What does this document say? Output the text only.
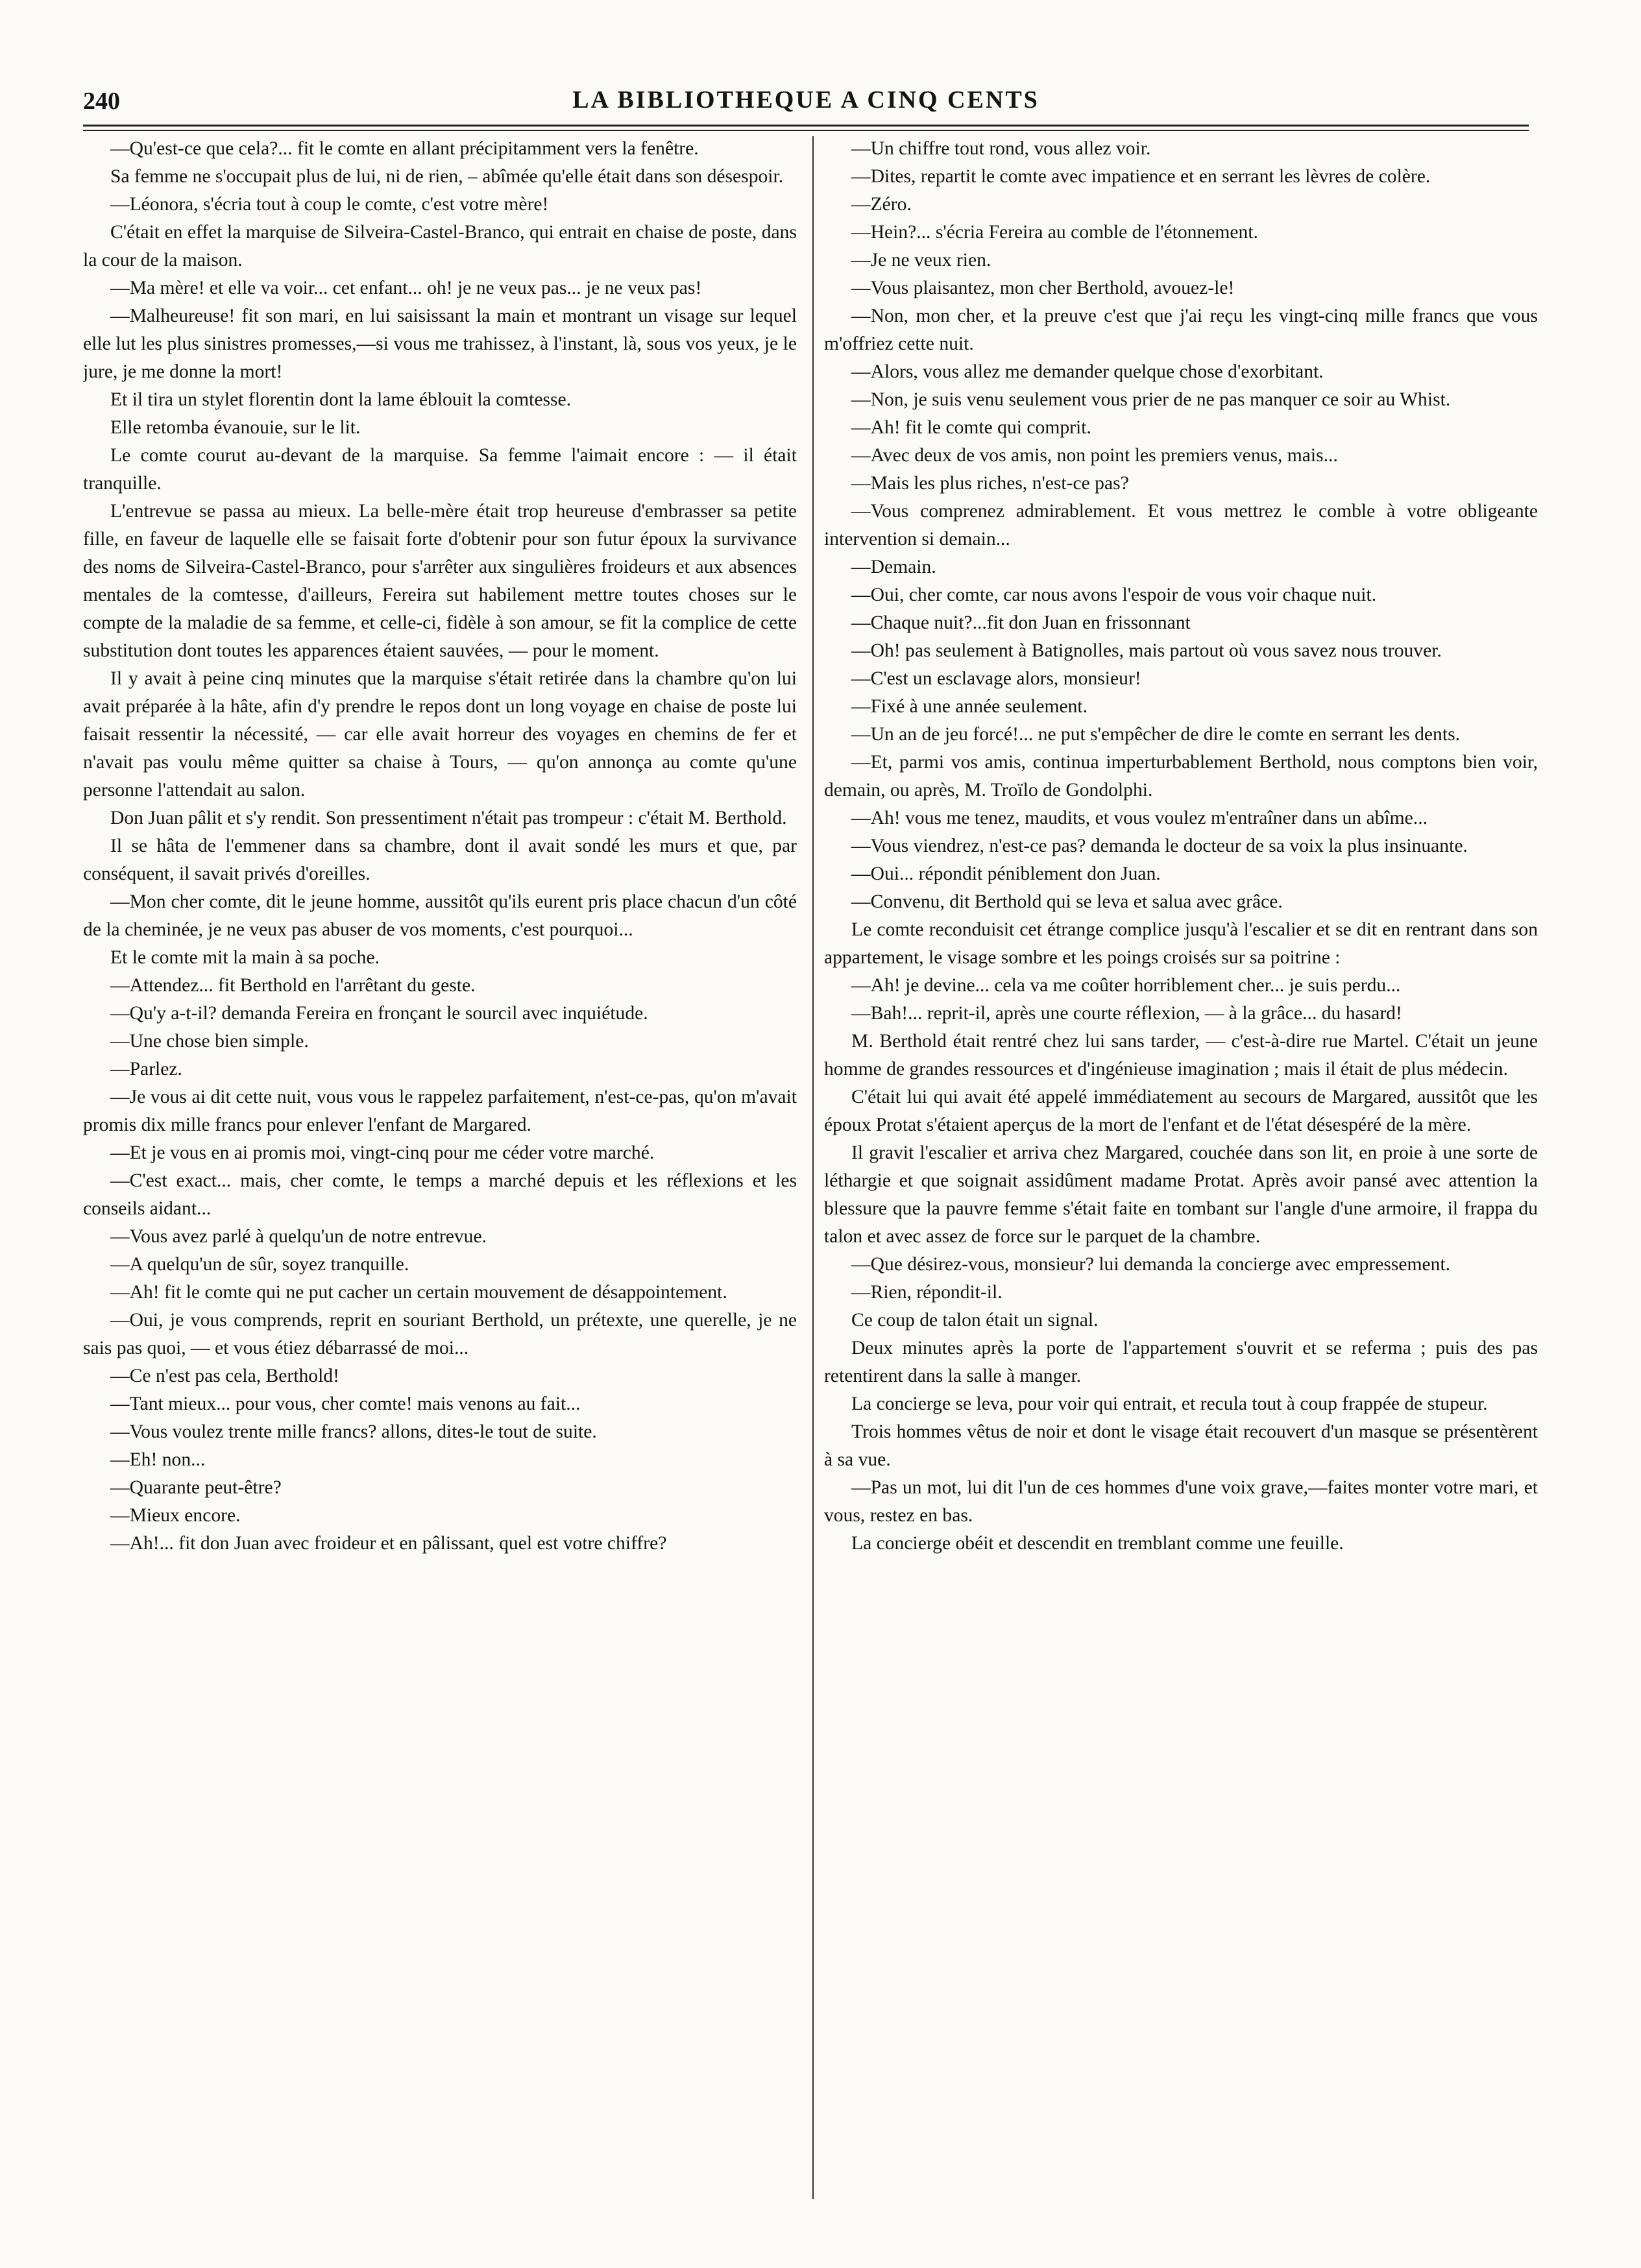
240	LA BIBLIOTHEQUE A CINQ CENTS

—Qu'est-ce que cela?... fit le comte en allant précipitamment vers la fenêtre.

Sa femme ne s'occupait plus de lui, ni de rien, – abîmée qu'elle était dans son désespoir.

—Léonora, s'écria tout à coup le comte, c'est votre mère!

C'était en effet la marquise de Silveira-Castel-Branco, qui entrait en chaise de poste, dans la cour de la maison.

—Ma mère! et elle va voir... cet enfant... oh! je ne veux pas... je ne veux pas!

—Malheureuse! fit son mari, en lui saisissant la main et montrant un visage sur lequel elle lut les plus sinistres promesses,—si vous me trahissez, à l'instant, là, sous vos yeux, je le jure, je me donne la mort!

Et il tira un stylet florentin dont la lame éblouit la comtesse.

Elle retomba évanouie, sur le lit.

Le comte courut au-devant de la marquise. Sa femme l'aimait encore : — il était tranquille.

L'entrevue se passa au mieux. La belle-mère était trop heureuse d'embrasser sa petite fille, en faveur de laquelle elle se faisait forte d'obtenir pour son futur époux la survivance des noms de Silveira-Castel-Branco, pour s'arrêter aux singulières froideurs et aux absences mentales de la comtesse, d'ailleurs, Fereira sut habilement mettre toutes choses sur le compte de la maladie de sa femme, et celle-ci, fidèle à son amour, se fit la complice de cette substitution dont toutes les apparences étaient sauvées, — pour le moment.

Il y avait à peine cinq minutes que la marquise s'était retirée dans la chambre qu'on lui avait préparée à la hâte, afin d'y prendre le repos dont un long voyage en chaise de poste lui faisait ressentir la nécessité, — car elle avait horreur des voyages en chemins de fer et n'avait pas voulu même quitter sa chaise à Tours, — qu'on annonça au comte qu'une personne l'attendait au salon.

Don Juan pâlit et s'y rendit. Son pressentiment n'était pas trompeur : c'était M. Berthold.

Il se hâta de l'emmener dans sa chambre, dont il avait sondé les murs et que, par conséquent, il savait privés d'oreilles.

—Mon cher comte, dit le jeune homme, aussitôt qu'ils eurent pris place chacun d'un côté de la cheminée, je ne veux pas abuser de vos moments, c'est pourquoi...

Et le comte mit la main à sa poche.

—Attendez... fit Berthold en l'arrêtant du geste.

—Qu'y a-t-il? demanda Fereira en fronçant le sourcil avec inquiétude.

—Une chose bien simple.

—Parlez.

—Je vous ai dit cette nuit, vous vous le rappelez parfaitement, n'est-ce-pas, qu'on m'avait promis dix mille francs pour enlever l'enfant de Margared.

—Et je vous en ai promis moi, vingt-cinq pour me céder votre marché.

—C'est exact... mais, cher comte, le temps a marché depuis et les réflexions et les conseils aidant...

—Vous avez parlé à quelqu'un de notre entrevue.

—A quelqu'un de sûr, soyez tranquille.

—Ah! fit le comte qui ne put cacher un certain mouvement de désappointement.

—Oui, je vous comprends, reprit en souriant Berthold, un prétexte, une querelle, je ne sais pas quoi, — et vous étiez débarrassé de moi...

—Ce n'est pas cela, Berthold!

—Tant mieux... pour vous, cher comte! mais venons au fait...

—Vous voulez trente mille francs? allons, dites-le tout de suite.

—Eh! non...

—Quarante peut-être?

—Mieux encore.

—Ah!... fit don Juan avec froideur et en pâlissant, quel est votre chiffre?

—Un chiffre tout rond, vous allez voir.

—Dites, repartit le comte avec impatience et en serrant les lèvres de colère.

—Zéro.

—Hein?... s'écria Fereira au comble de l'étonnement.

—Je ne veux rien.

—Vous plaisantez, mon cher Berthold, avouez-le!

—Non, mon cher, et la preuve c'est que j'ai reçu les vingt-cinq mille francs que vous m'offriez cette nuit.

—Alors, vous allez me demander quelque chose d'exorbitant.

—Non, je suis venu seulement vous prier de ne pas manquer ce soir au Whist.

—Ah! fit le comte qui comprit.

—Avec deux de vos amis, non point les premiers venus, mais...

—Mais les plus riches, n'est-ce pas?

—Vous comprenez admirablement. Et vous mettrez le comble à votre obligeante intervention si demain...

—Demain.

—Oui, cher comte, car nous avons l'espoir de vous voir chaque nuit.

—Chaque nuit?...fit don Juan en frissonnant

—Oh! pas seulement à Batignolles, mais partout où vous savez nous trouver.

—C'est un esclavage alors, monsieur!

—Fixé à une année seulement.

—Un an de jeu forcé!... ne put s'empêcher de dire le comte en serrant les dents.

—Et, parmi vos amis, continua imperturbablement Berthold, nous comptons bien voir, demain, ou après, M. Troïlo de Gondolphi.

—Ah! vous me tenez, maudits, et vous voulez m'entraîner dans un abîme...

—Vous viendrez, n'est-ce pas? demanda le docteur de sa voix la plus insinuante.

—Oui... répondit péniblement don Juan.

—Convenu, dit Berthold qui se leva et salua avec grâce.

Le comte reconduisit cet étrange complice jusqu'à l'escalier et se dit en rentrant dans son appartement, le visage sombre et les poings croisés sur sa poitrine :

—Ah! je devine... cela va me coûter horriblement cher... je suis perdu...

—Bah!... reprit-il, après une courte réflexion, — à la grâce... du hasard!

M. Berthold était rentré chez lui sans tarder, — c'est-à-dire rue Martel. C'était un jeune homme de grandes ressources et d'ingénieuse imagination ; mais il était de plus médecin.

C'était lui qui avait été appelé immédiatement au secours de Margared, aussitôt que les époux Protat s'étaient aperçus de la mort de l'enfant et de l'état désespéré de la mère.

Il gravit l'escalier et arriva chez Margared, couchée dans son lit, en proie à une sorte de léthargie et que soignait assidûment madame Protat. Après avoir pansé avec attention la blessure que la pauvre femme s'était faite en tombant sur l'angle d'une armoire, il frappa du talon et avec assez de force sur le parquet de la chambre.

—Que désirez-vous, monsieur? lui demanda la concierge avec empressement.

—Rien, répondit-il.

Ce coup de talon était un signal.

Deux minutes après la porte de l'appartement s'ouvrit et se referma ; puis des pas retentirent dans la salle à manger.

La concierge se leva, pour voir qui entrait, et recula tout à coup frappée de stupeur.

Trois hommes vêtus de noir et dont le visage était recouvert d'un masque se présentèrent à sa vue.

—Pas un mot, lui dit l'un de ces hommes d'une voix grave,—faites monter votre mari, et vous, restez en bas.

La concierge obéit et descendit en tremblant comme une feuille.
